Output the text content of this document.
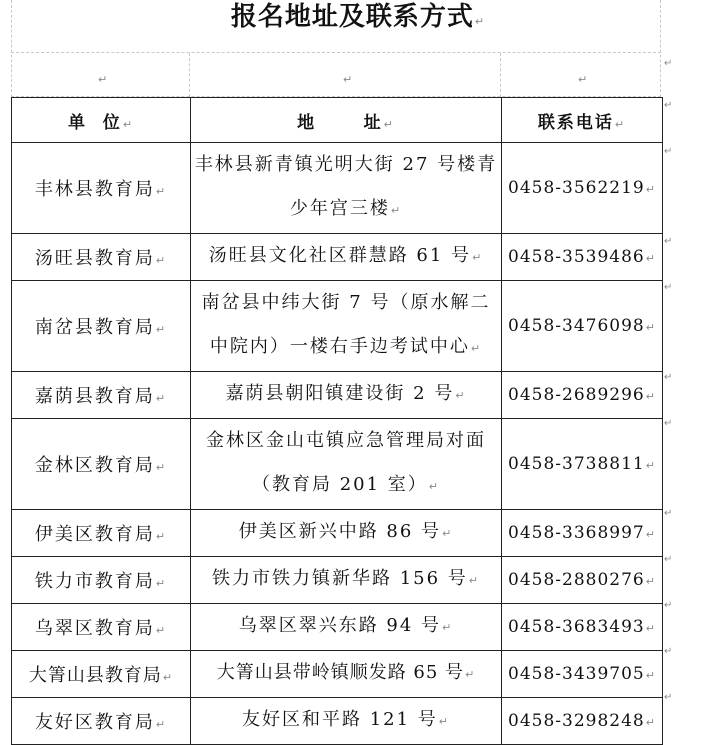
报名地址及联系方式↵
↵	↵	↵
单  位↵	地      址↵	联系电话↵
丰林县教育局↵	丰林县新青镇光明大街 27 号楼青少年宫三楼↵	0458-3562219↵
汤旺县教育局↵	汤旺县文化社区群慧路 61 号↵	0458-3539486↵
南岔县教育局↵	南岔县中纬大街 7 号（原水解二中院内）一楼右手边考试中心↵	0458-3476098↵
嘉荫县教育局↵	嘉荫县朝阳镇建设街 2 号↵	0458-2689296↵
金林区教育局↵	金林区金山屯镇应急管理局对面（教育局 201 室）↵	0458-3738811↵
伊美区教育局↵	伊美区新兴中路 86 号↵	0458-3368997↵
铁力市教育局↵	铁力市铁力镇新华路 156 号↵	0458-2880276↵
乌翠区教育局↵	乌翠区翠兴东路 94 号↵	0458-3683493↵
大箐山县教育局↵	大箐山县带岭镇顺发路 65 号↵	0458-3439705↵
友好区教育局↵	友好区和平路 121 号↵	0458-3298248↵
↵
↵
↵
↵
↵
↵
↵
↵
↵
↵
↵
↵
